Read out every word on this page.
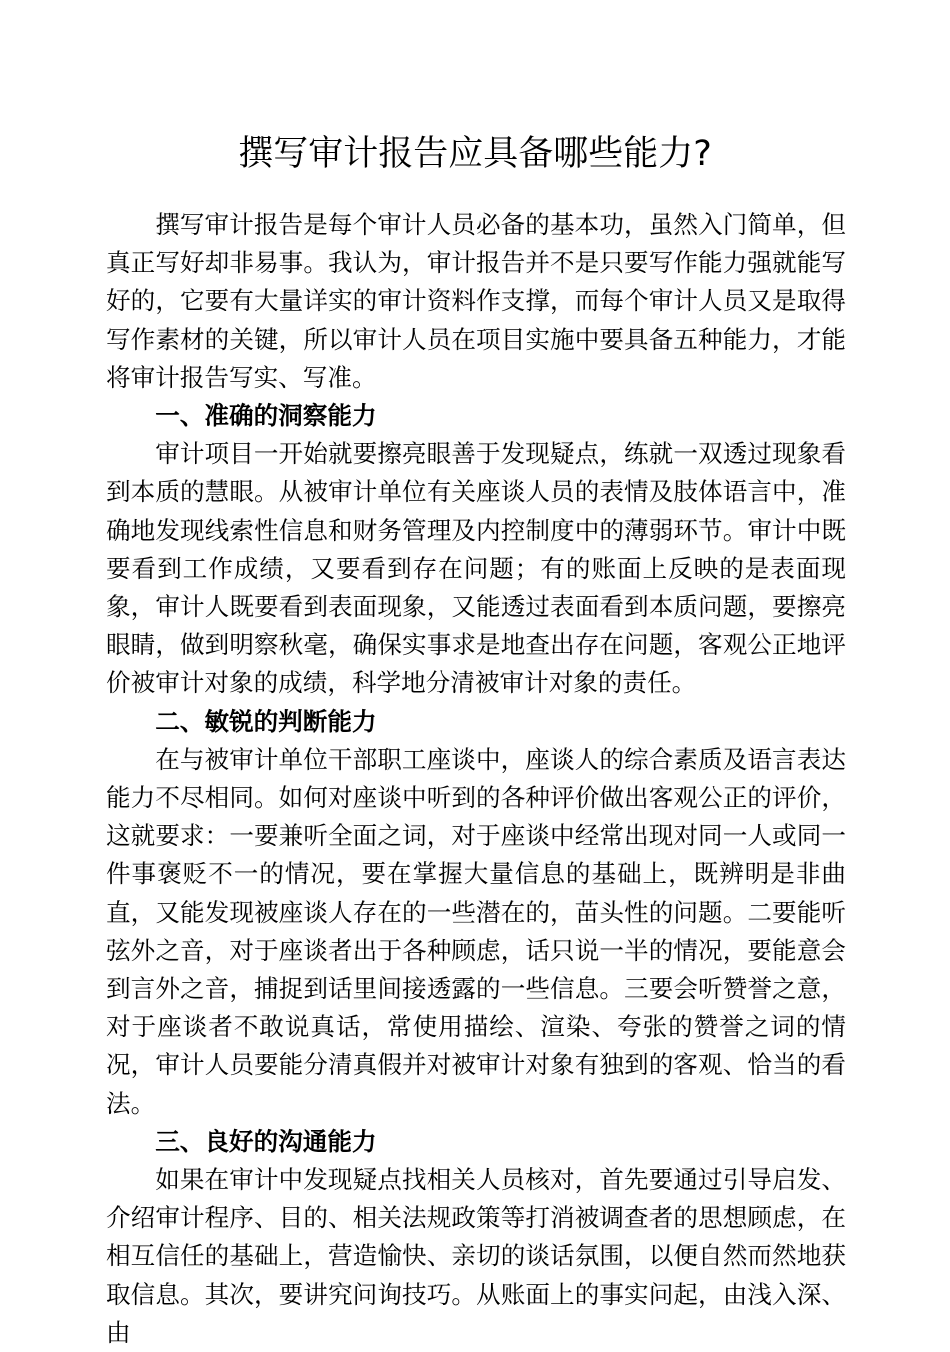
撰写审计报告应具备哪些能力?

撰写审计报告是每个审计人员必备的基本功，虽然入门简单，但真正写好却非易事。我认为，审计报告并不是只要写作能力强就能写好的，它要有大量详实的审计资料作支撑，而每个审计人员又是取得写作素材的关键，所以审计人员在项目实施中要具备五种能力，才能将审计报告写实、写准。

一、准确的洞察能力

审计项目一开始就要擦亮眼善于发现疑点，练就一双透过现象看到本质的慧眼。从被审计单位有关座谈人员的表情及肢体语言中，准确地发现线索性信息和财务管理及内控制度中的薄弱环节。审计中既要看到工作成绩，又要看到存在问题；有的账面上反映的是表面现象，审计人既要看到表面现象，又能透过表面看到本质问题，要擦亮眼睛，做到明察秋毫，确保实事求是地查出存在问题，客观公正地评价被审计对象的成绩，科学地分清被审计对象的责任。

二、敏锐的判断能力

在与被审计单位干部职工座谈中，座谈人的综合素质及语言表达能力不尽相同。如何对座谈中听到的各种评价做出客观公正的评价，这就要求：一要兼听全面之词，对于座谈中经常出现对同一人或同一件事褒贬不一的情况，要在掌握大量信息的基础上，既辨明是非曲直，又能发现被座谈人存在的一些潜在的，苗头性的问题。二要能听弦外之音，对于座谈者出于各种顾虑，话只说一半的情况，要能意会到言外之音，捕捉到话里间接透露的一些信息。三要会听赞誉之意，对于座谈者不敢说真话，常使用描绘、渲染、夸张的赞誉之词的情况，审计人员要能分清真假并对被审计对象有独到的客观、恰当的看法。

三、良好的沟通能力

如果在审计中发现疑点找相关人员核对，首先要通过引导启发、介绍审计程序、目的、相关法规政策等打消被调查者的思想顾虑，在相互信任的基础上，营造愉快、亲切的谈话氛围，以便自然而然地获取信息。其次，要讲究问询技巧。从账面上的事实问起，由浅入深、由
